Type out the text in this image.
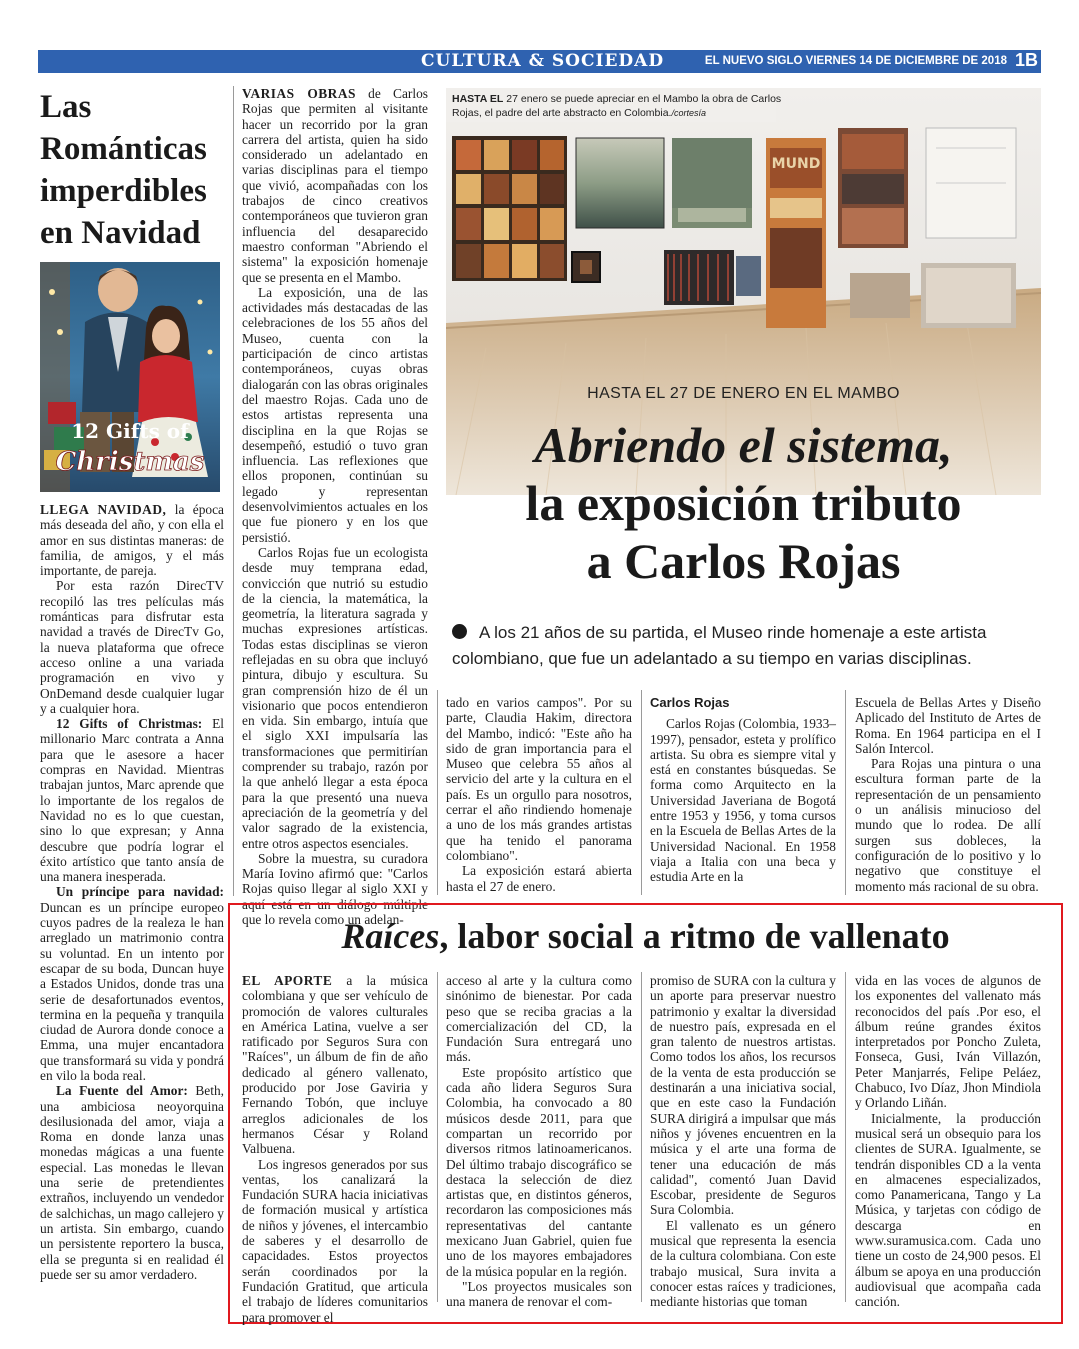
CULTURA & SOCIEDAD	EL NUEVO SIGLO VIERNES 14 DE DICIEMBRE DE 2018 1B
Las Románticas imperdibles en Navidad
12 Gifts of
Christmas

LLEGA NAVIDAD, la época más deseada del año, y con ella el amor en sus distintas maneras: de familia, de amigos, y el más importante, de pareja.

Por esta razón DirecTV recopiló las tres películas más románticas para disfrutar esta navidad a través de DirecTv Go, la nueva plataforma que ofrece acceso online a una variada programación en vivo y OnDemand desde cualquier lugar y a cualquier hora.

12 Gifts of Christmas: El millonario Marc contrata a Anna para que le asesore a hacer compras en Navidad. Mientras trabajan juntos, Marc aprende que lo importante de los regalos de Navidad no es lo que cuestan, sino lo que expresan; y Anna descubre que podría lograr el éxito artístico que tanto ansía de una manera inesperada.

Un príncipe para navidad: Duncan es un príncipe europeo cuyos padres de la realeza le han arreglado un matrimonio contra su voluntad. En un intento por escapar de su boda, Duncan huye a Estados Unidos, donde tras una serie de desafortunados eventos, termina en la pequeña y tranquila ciudad de Aurora donde conoce a Emma, una mujer encantadora que transformará su vida y pondrá en vilo la boda real.

La Fuente del Amor: Beth, una ambiciosa neoyorquina desilusionada del amor, viaja a Roma en donde lanza unas monedas mágicas a una fuente especial. Las monedas le llevan una serie de pretendientes extraños, incluyendo un vendedor de salchichas, un mago callejero y un artista. Sin embargo, cuando un persistente reportero la busca, ella se pregunta si en realidad él puede ser su amor verdadero.

VARIAS OBRAS de Carlos Rojas que permiten al visitante hacer un recorrido por la gran carrera del artista, quien ha sido considerado un adelantado en varias disciplinas para el tiempo que vivió, acompañadas con los trabajos de cinco creativos contemporáneos que tuvieron gran influencia del desaparecido maestro conforman "Abriendo el sistema" la exposición homenaje que se presenta en el Mambo.

La exposición, una de las actividades más destacadas de las celebraciones de los 55 años del Museo, cuenta con la participación de cinco artistas contemporáneos, cuyas obras dialogarán con las obras originales del maestro Rojas. Cada uno de estos artistas representa una disciplina en la que Rojas se desempeñó, estudió o tuvo gran influencia. Las reflexiones que ellos proponen, continúan su legado y representan desenvolvimientos actuales en los que fue pionero y en los que persistió.

Carlos Rojas fue un ecologista desde muy temprana edad, convicción que nutrió su estudio de la ciencia, la matemática, la geometría, la literatura sagrada y muchas expresiones artísticas. Todas estas disciplinas se vieron reflejadas en su obra que incluyó pintura, dibujo y escultura. Su gran comprensión hizo de él un visionario que pocos entendieron en vida. Sin embargo, intuía que el siglo XXI impulsaría las transformaciones que permitirían comprender su trabajo, razón por la que anheló llegar a esta época para la que presentó una nueva apreciación de la geometría y del valor sagrado de la existencia, entre otros aspectos esenciales.

Sobre la muestra, su curadora María Iovino afirmó que: "Carlos Rojas quiso llegar al siglo XXI y aquí está en un diálogo múltiple que lo revela como un adelan-

MUND
HASTA EL 27 enero se puede apreciar en el Mambo la obra de Carlos Rojas, el padre del arte abstracto en Colombia./cortesía
HASTA EL 27 DE ENERO EN EL MAMBO
Abriendo el sistema,
la exposición tributo
a Carlos Rojas
A los 21 años de su partida, el Museo rinde homenaje a este artista colombiano, que fue un adelantado a su tiempo en varias disciplinas.

tado en varios campos". Por su parte, Claudia Hakim, directora del Mambo, indicó: "Este año ha sido de gran importancia para el Museo que celebra 55 años al servicio del arte y la cultura en el país. Es un orgullo para nosotros, cerrar el año rindiendo homenaje a uno de los más grandes artistas que ha tenido el panorama colombiano".

La exposición estará abierta hasta el 27 de enero.

Carlos Rojas

Carlos Rojas (Colombia, 1933–1997), pensador, esteta y prolífico artista. Su obra es siempre vital y está en constantes búsquedas. Se forma como Arquitecto en la Universidad Javeriana de Bogotá entre 1953 y 1956, y toma cursos en la Escuela de Bellas Artes de la Universidad Nacional. En 1958 viaja a Italia con una beca y estudia Arte en la

Escuela de Bellas Artes y Diseño Aplicado del Instituto de Artes de Roma. En 1964 participa en el I Salón Intercol.

Para Rojas una pintura o una escultura forman parte de la representación de un pensamiento o un análisis minucioso del mundo que lo rodea. De allí surgen sus dobleces, la configuración de lo positivo y lo negativo que constituye el momento más racional de su obra.

Raíces, labor social a ritmo de vallenato

EL APORTE a la música colombiana y que ser vehículo de promoción de valores culturales en América Latina, vuelve a ser ratificado por Seguros Sura con "Raíces", un álbum de fin de año dedicado al género vallenato, producido por Jose Gaviria y Fernando Tobón, que incluye arreglos adicionales de los hermanos César y Roland Valbuena.

Los ingresos generados por sus ventas, los canalizará la Fundación SURA hacia iniciativas de formación musical y artística de niños y jóvenes, el intercambio de saberes y el desarrollo de capacidades. Estos proyectos serán coordinados por la Fundación Gratitud, que articula el trabajo de líderes comunitarios para promover el

acceso al arte y la cultura como sinónimo de bienestar. Por cada peso que se reciba gracias a la comercialización del CD, la Fundación Sura entregará uno más.

Este propósito artístico que cada año lidera Seguros Sura Colombia, ha convocado a 80 músicos desde 2011, para que compartan un recorrido por diversos ritmos latinoamericanos. Del último trabajo discográfico se destaca la selección de diez artistas que, en distintos géneros, recordaron las composiciones más representativas del cantante mexicano Juan Gabriel, quien fue uno de los mayores embajadores de la música popular en la región.

"Los proyectos musicales son una manera de renovar el com-

promiso de SURA con la cultura y un aporte para preservar nuestro patrimonio y exaltar la diversidad de nuestro país, expresada en el gran talento de nuestros artistas. Como todos los años, los recursos de la venta de esta producción se destinarán a una iniciativa social, que en este caso la Fundación SURA dirigirá a impulsar que más niños y jóvenes encuentren en la música y el arte una forma de tener una educación de más calidad", comentó Juan David Escobar, presidente de Seguros Sura Colombia.

El vallenato es un género musical que representa la esencia de la cultura colombiana. Con este trabajo musical, Sura invita a conocer estas raíces y tradiciones, mediante historias que toman

vida en las voces de algunos de los exponentes del vallenato más reconocidos del país .Por eso, el álbum reúne grandes éxitos interpretados por Poncho Zuleta, Fonseca, Gusi, Iván Villazón, Peter Manjarrés, Felipe Peláez, Chabuco, Ivo Díaz, Jhon Mindiola y Orlando Liñán.

Inicialmente, la producción musical será un obsequio para los clientes de SURA. Igualmente, se tendrán disponibles CD a la venta en almacenes especializados, como Panamericana, Tango y La Música, y tarjetas con código de descarga en www.suramusica.com. Cada uno tiene un costo de 24,900 pesos. El álbum se apoya en una producción audiovisual que acompaña cada canción.
